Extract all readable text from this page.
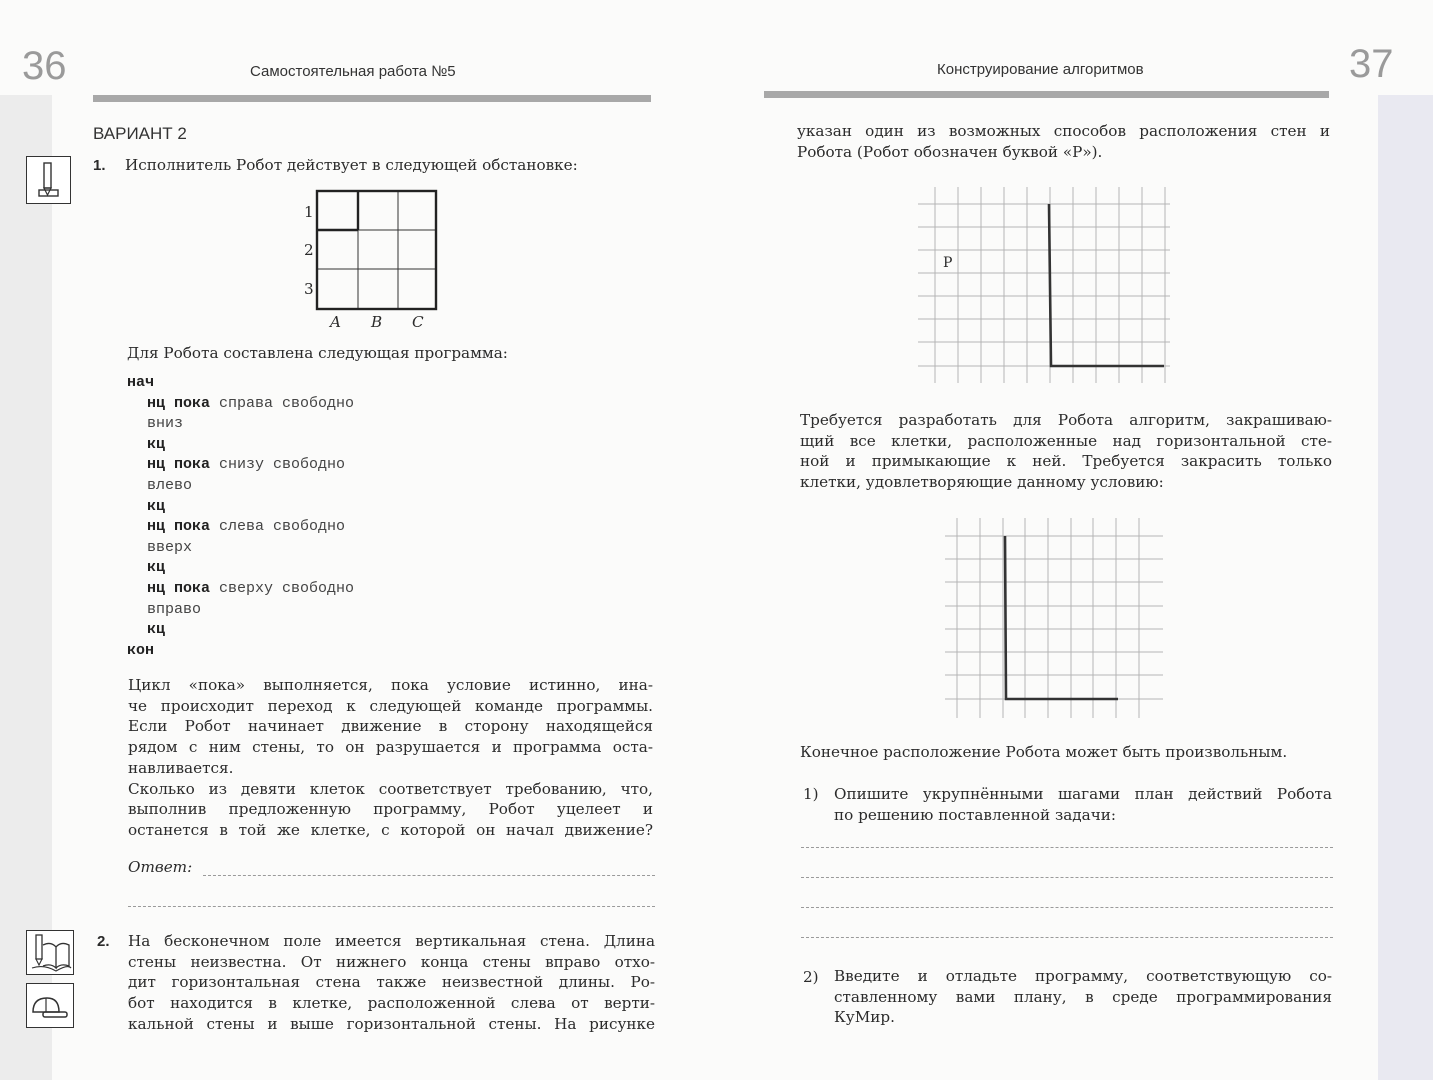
36	Самостоятельная работа №5
ВАРИАНТ 2
1. Исполнитель Робот действует в следующей обстановке:
1
2
3
A B C
Для Робота составлена следующая программа:
нач
нц пока справа свободно
вниз
кц
нц пока снизу свободно
влево
кц
нц пока слева свободно
вверх
кц
нц пока сверху свободно
вправо
кц
кон
Цикл «пока» выполняется, пока условие истинно, ина-
че происходит переход к следующей команде программы.
Если Робот начинает движение в сторону находящейся
рядом с ним стены, то он разрушается и программа оста-
навливается.
Сколько из девяти клеток соответствует требованию, что,
выполнив предложенную программу, Робот уцелеет и
останется в той же клетке, с которой он начал движение?
Ответ:
2. На бесконечном поле имеется вертикальная стена. Длина
стены неизвестна. От нижнего конца стены вправо отхо-
дит горизонтальная стена также неизвестной длины. Ро-
бот находится в клетке, расположенной слева от верти-
кальной стены и выше горизонтальной стены. На рисунке
Конструирование алгоритмов	37
указан один из возможных способов расположения стен и
Робота (Робот обозначен буквой «Р»).
Р
Требуется разработать для Робота алгоритм, закрашиваю-
щий все клетки, расположенные над горизонтальной сте-
ной и примыкающие к ней. Требуется закрасить только
клетки, удовлетворяющие данному условию:
Конечное расположение Робота может быть произвольным.
1) Опишите укрупнёнными шагами план действий Робота
по решению поставленной задачи:
2) Введите и отладьте программу, соответствующую со-
ставленному вами плану, в среде программирования
КуМир.
